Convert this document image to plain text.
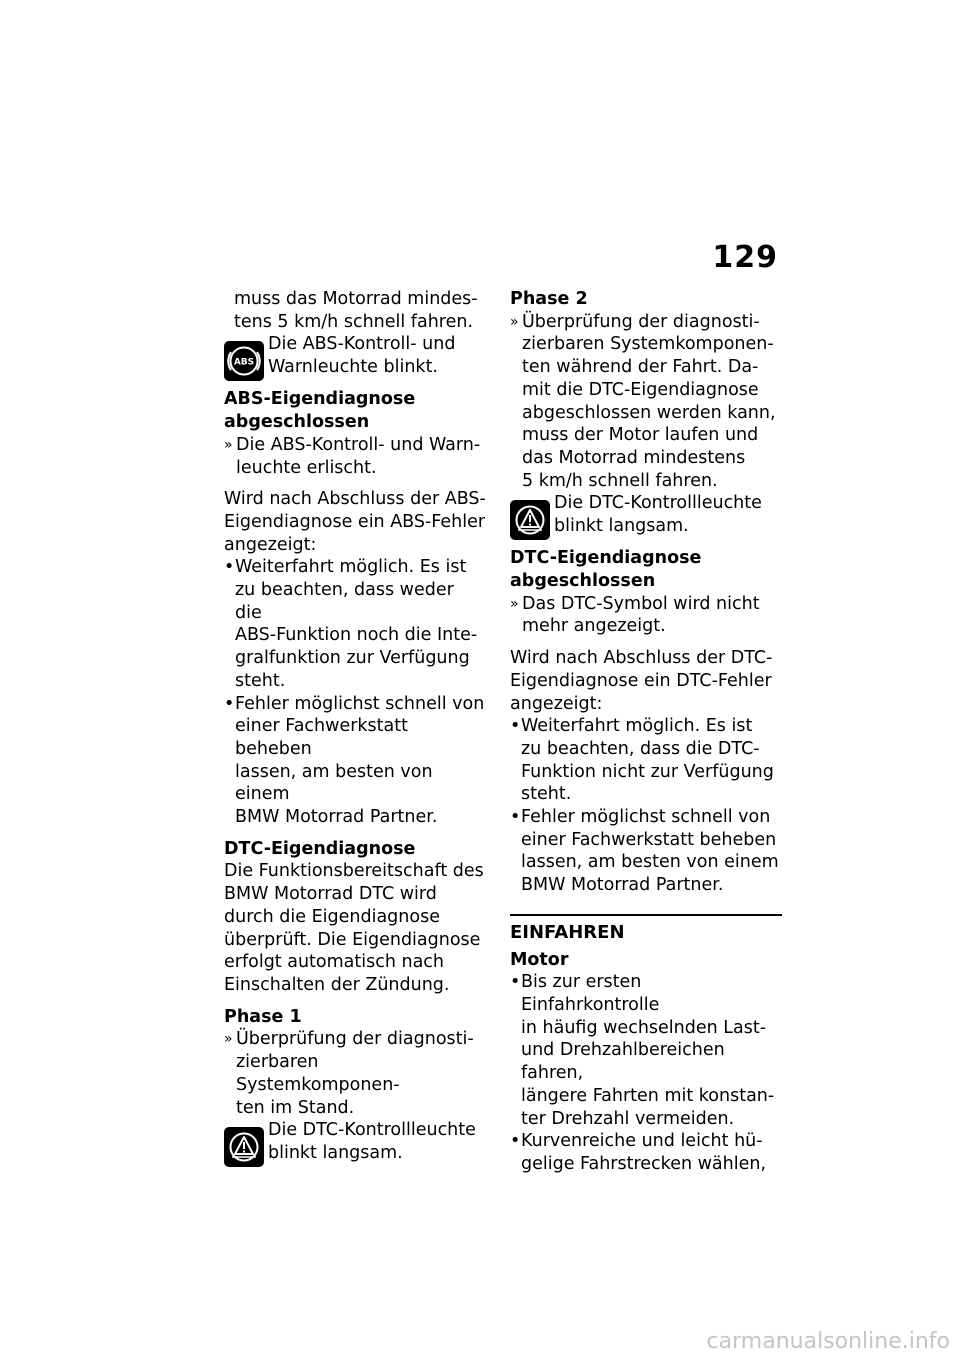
129
muss das Motorrad mindes-
tens 5 km/h schnell fahren.
ABS
Die ABS-Kontroll- und
Warnleuchte blinkt.
ABS-Eigendiagnose
abgeschlossen
» Die ABS-Kontroll- und Warn-
leuchte erlischt.
Wird nach Abschluss der ABS-
Eigendiagnose ein ABS-Fehler
angezeigt:
• Weiterfahrt möglich. Es ist
zu beachten, dass weder die
ABS-Funktion noch die Inte-
gralfunktion zur Verfügung
steht.
• Fehler möglichst schnell von
einer Fachwerkstatt beheben
lassen, am besten von einem
BMW Motorrad Partner.
DTC-Eigendiagnose
Die Funktionsbereitschaft des
BMW Motorrad DTC wird
durch die Eigendiagnose
überprüft. Die Eigendiagnose
erfolgt automatisch nach
Einschalten der Zündung.
Phase 1
» Überprüfung der diagnosti-
zierbaren Systemkomponen-
ten im Stand.
Die DTC-Kontrollleuchte
blinkt langsam.
Phase 2
» Überprüfung der diagnosti-
zierbaren Systemkomponen-
ten während der Fahrt. Da-
mit die DTC-Eigendiagnose
abgeschlossen werden kann,
muss der Motor laufen und
das Motorrad mindestens
5 km/h schnell fahren.
Die DTC-Kontrollleuchte
blinkt langsam.
DTC-Eigendiagnose
abgeschlossen
» Das DTC-Symbol wird nicht
mehr angezeigt.
Wird nach Abschluss der DTC-
Eigendiagnose ein DTC-Fehler
angezeigt:
• Weiterfahrt möglich. Es ist
zu beachten, dass die DTC-
Funktion nicht zur Verfügung
steht.
• Fehler möglichst schnell von
einer Fachwerkstatt beheben
lassen, am besten von einem
BMW Motorrad Partner.
EINFAHREN
Motor
• Bis zur ersten Einfahrkontrolle
in häufig wechselnden Last-
und Drehzahlbereichen fahren,
längere Fahrten mit konstan-
ter Drehzahl vermeiden.
• Kurvenreiche und leicht hü-
gelige Fahrstrecken wählen,
carmanualsonline.info
